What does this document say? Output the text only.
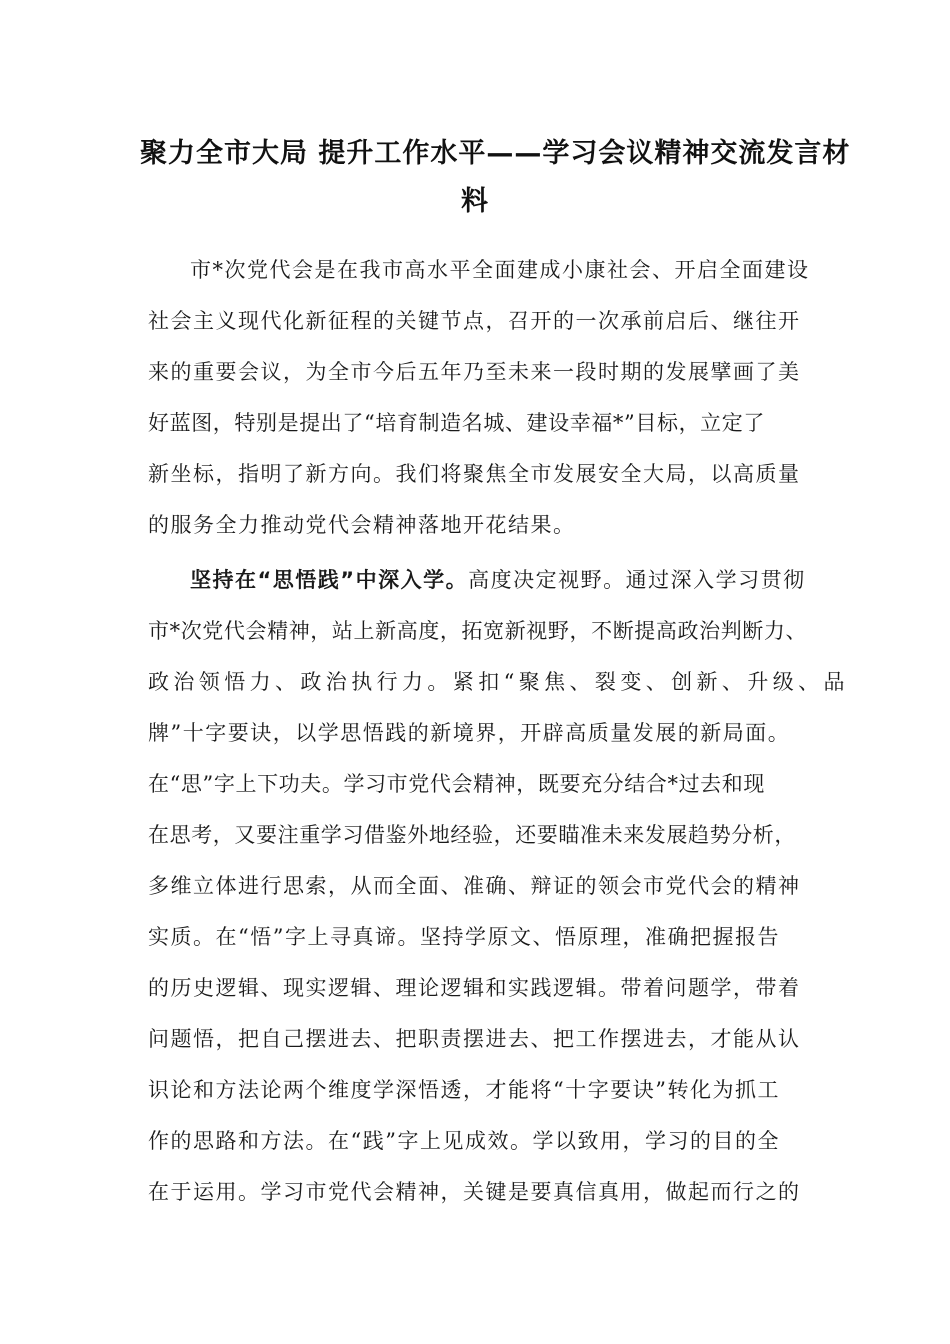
聚力全市大局 提升工作水平——学习会议精神交流发言材
料
市*次党代会是在我市高水平全面建成小康社会、开启全面建设
社会主义现代化新征程的关键节点，召开的一次承前启后、继往开
来的重要会议，为全市今后五年乃至未来一段时期的发展擘画了美
好蓝图，特别是提出了“培育制造名城、建设幸福*”目标，立定了
新坐标，指明了新方向。我们将聚焦全市发展安全大局，以高质量
的服务全力推动党代会精神落地开花结果。
坚持在“思悟践”中深入学。高度决定视野。通过深入学习贯彻
市*次党代会精神，站上新高度，拓宽新视野，不断提高政治判断力、
政治领悟力、政治执行力。紧扣“聚焦、裂变、创新、升级、品
牌”十字要诀，以学思悟践的新境界，开辟高质量发展的新局面。
在“思”字上下功夫。学习市党代会精神，既要充分结合*过去和现
在思考，又要注重学习借鉴外地经验，还要瞄准未来发展趋势分析，
多维立体进行思索，从而全面、准确、辩证的领会市党代会的精神
实质。在“悟”字上寻真谛。坚持学原文、悟原理，准确把握报告
的历史逻辑、现实逻辑、理论逻辑和实践逻辑。带着问题学，带着
问题悟，把自己摆进去、把职责摆进去、把工作摆进去，才能从认
识论和方法论两个维度学深悟透，才能将“十字要诀”转化为抓工
作的思路和方法。在“践”字上见成效。学以致用，学习的目的全
在于运用。学习市党代会精神，关键是要真信真用，做起而行之的
